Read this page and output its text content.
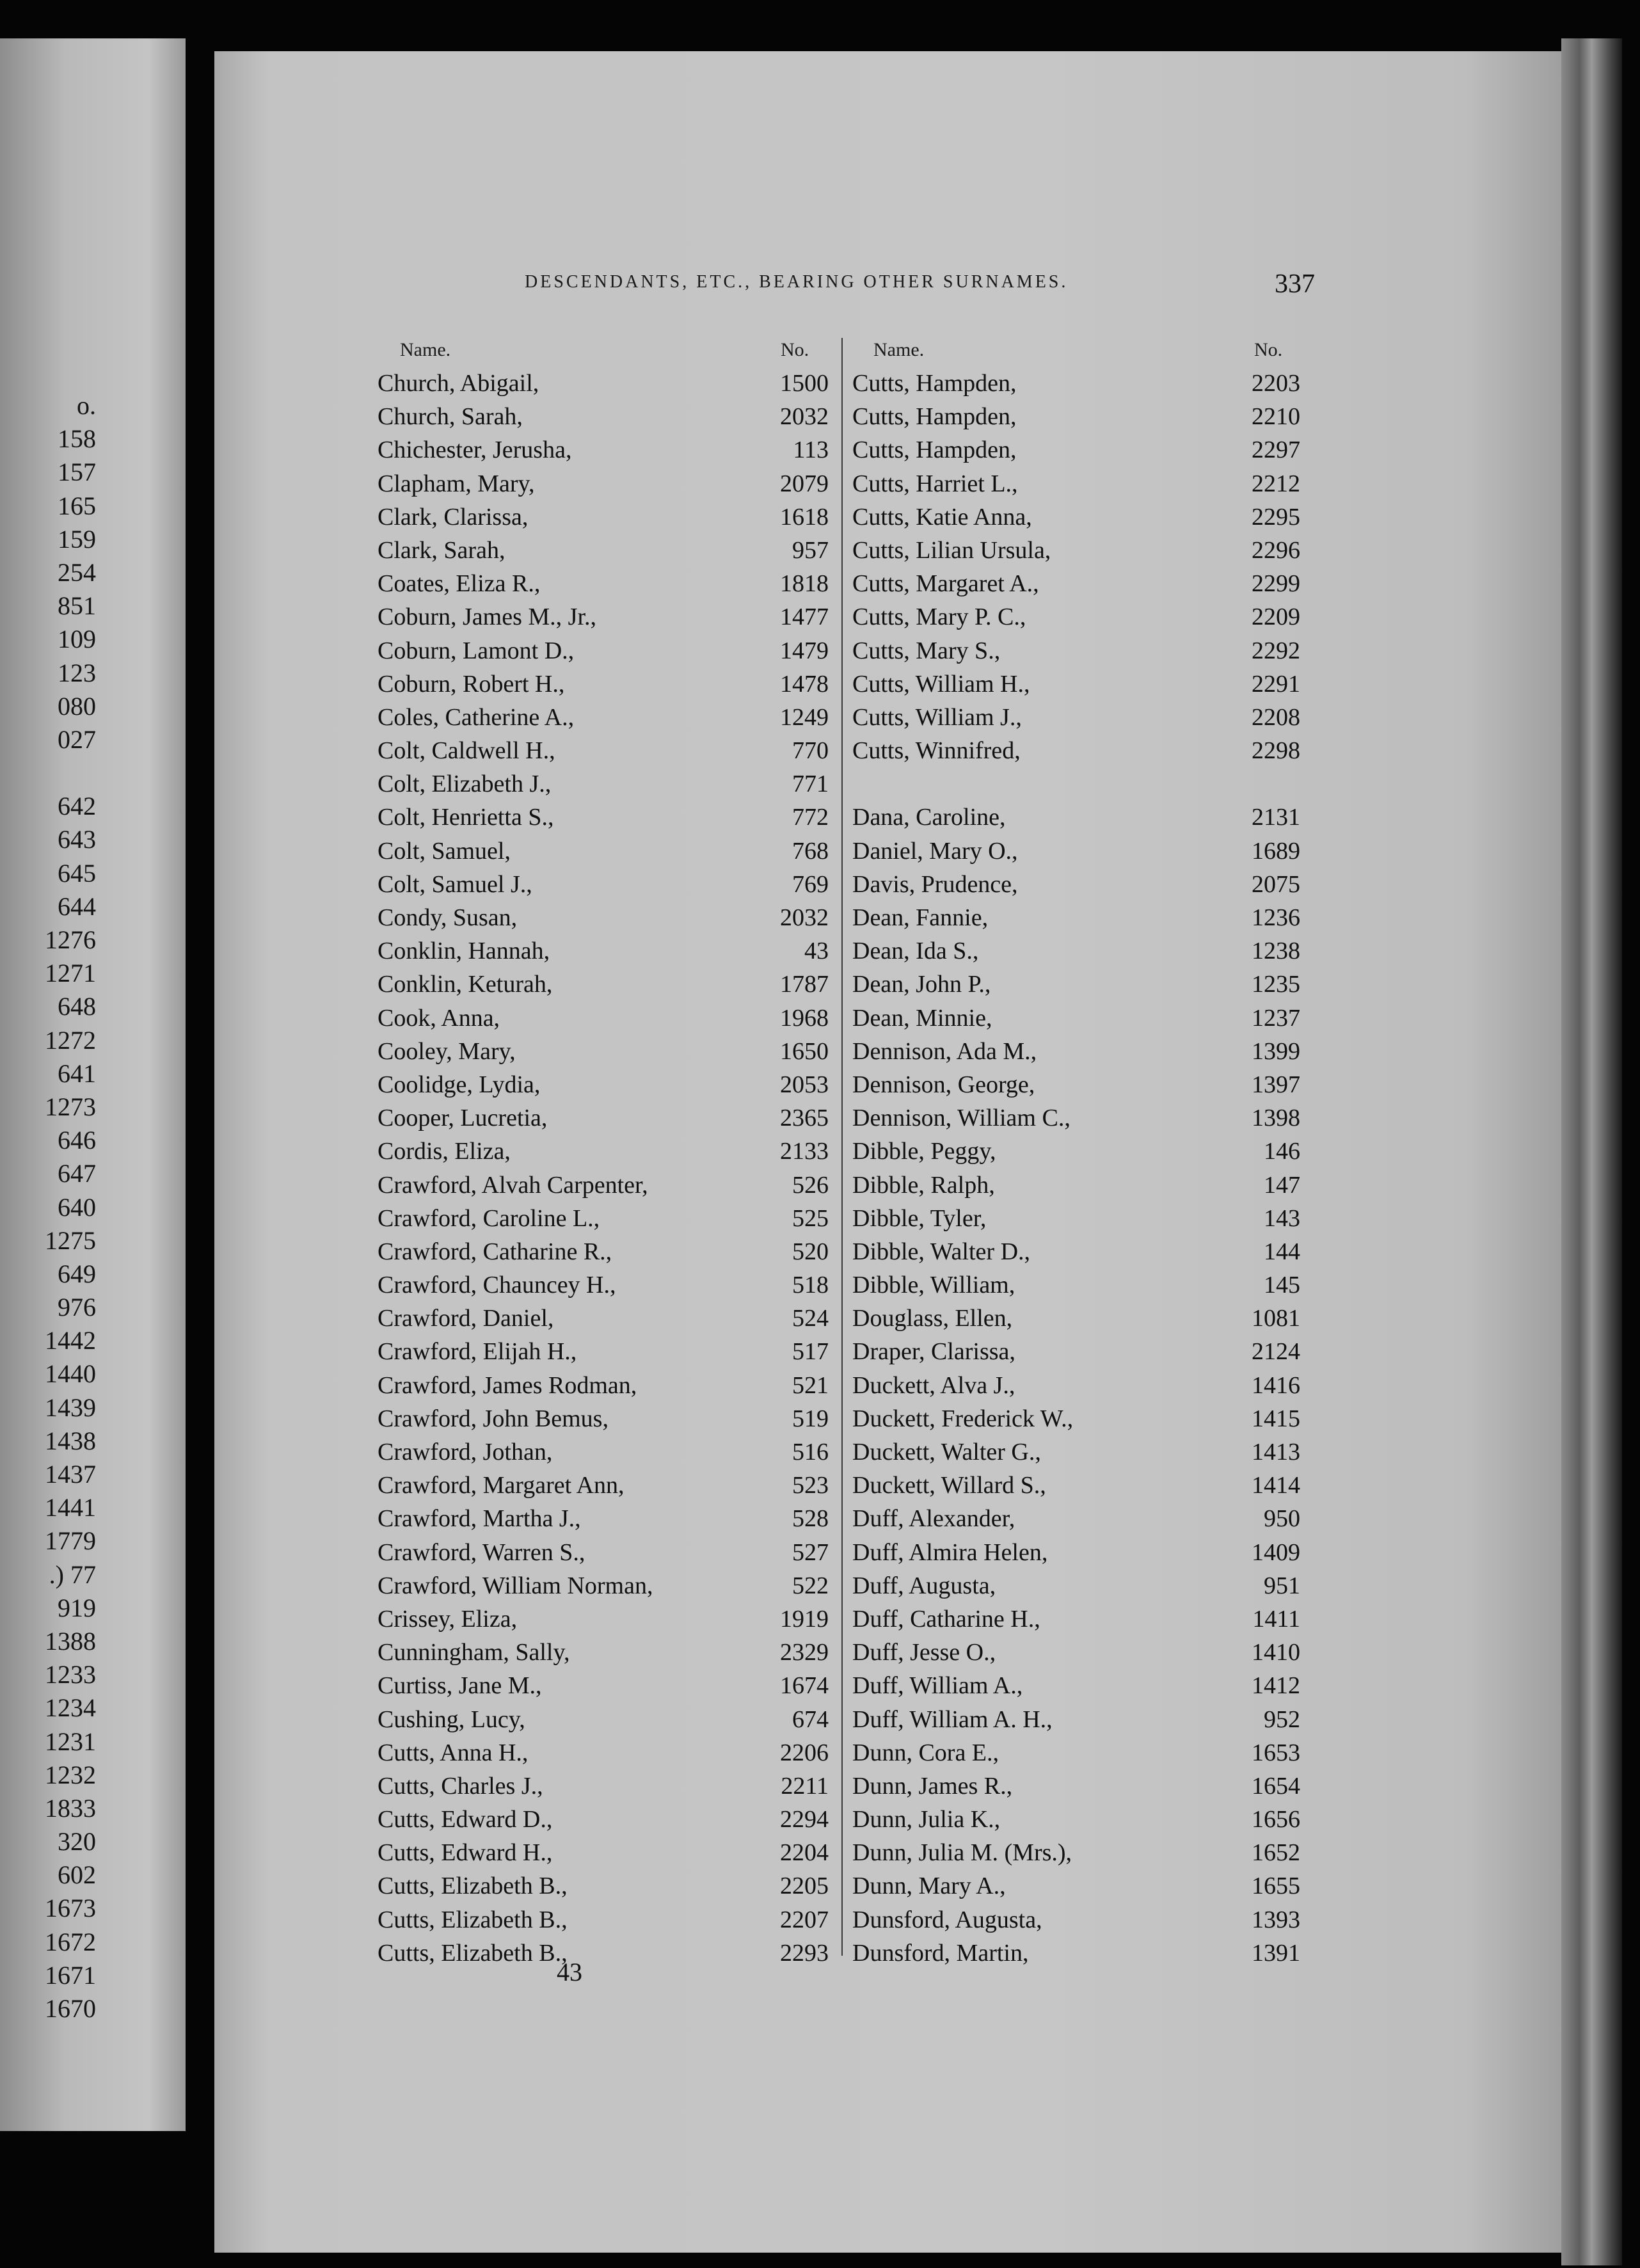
o.
158
157
165
159
254
851
109
123
080
027
642
643
645
644
1276
1271
648
1272
641
1273
646
647
640
1275
649
976
1442
1440
1439
1438
1437
1441
1779
.) 77
919
1388
1233
1234
1231
1232
1833
320
602
1673
1672
1671
1670
DESCENDANTS, ETC., BEARING OTHER SURNAMES.	337
Name.	No.	Name.	No.
Church, Abigail,	1500
Church, Sarah,	2032
Chichester, Jerusha,	113
Clapham, Mary,	2079
Clark, Clarissa,	1618
Clark, Sarah,	957
Coates, Eliza R.,	1818
Coburn, James M., Jr.,	1477
Coburn, Lamont D.,	1479
Coburn, Robert H.,	1478
Coles, Catherine A.,	1249
Colt, Caldwell H.,	770
Colt, Elizabeth J.,	771
Colt, Henrietta S.,	772
Colt, Samuel,	768
Colt, Samuel J.,	769
Condy, Susan,	2032
Conklin, Hannah,	43
Conklin, Keturah,	1787
Cook, Anna,	1968
Cooley, Mary,	1650
Coolidge, Lydia,	2053
Cooper, Lucretia,	2365
Cordis, Eliza,	2133
Crawford, Alvah Carpenter,	526
Crawford, Caroline L.,	525
Crawford, Catharine R.,	520
Crawford, Chauncey H.,	518
Crawford, Daniel,	524
Crawford, Elijah H.,	517
Crawford, James Rodman,	521
Crawford, John Bemus,	519
Crawford, Jothan,	516
Crawford, Margaret Ann,	523
Crawford, Martha J.,	528
Crawford, Warren S.,	527
Crawford, William Norman,	522
Crissey, Eliza,	1919
Cunningham, Sally,	2329
Curtiss, Jane M.,	1674
Cushing, Lucy,	674
Cutts, Anna H.,	2206
Cutts, Charles J.,	2211
Cutts, Edward D.,	2294
Cutts, Edward H.,	2204
Cutts, Elizabeth B.,	2205
Cutts, Elizabeth B.,	2207
Cutts, Elizabeth B.,	2293
Cutts, Hampden,	2203
Cutts, Hampden,	2210
Cutts, Hampden,	2297
Cutts, Harriet L.,	2212
Cutts, Katie Anna,	2295
Cutts, Lilian Ursula,	2296
Cutts, Margaret A.,	2299
Cutts, Mary P. C.,	2209
Cutts, Mary S.,	2292
Cutts, William H.,	2291
Cutts, William J.,	2208
Cutts, Winnifred,	2298
Dana, Caroline,	2131
Daniel, Mary O.,	1689
Davis, Prudence,	2075
Dean, Fannie,	1236
Dean, Ida S.,	1238
Dean, John P.,	1235
Dean, Minnie,	1237
Dennison, Ada M.,	1399
Dennison, George,	1397
Dennison, William C.,	1398
Dibble, Peggy,	146
Dibble, Ralph,	147
Dibble, Tyler,	143
Dibble, Walter D.,	144
Dibble, William,	145
Douglass, Ellen,	1081
Draper, Clarissa,	2124
Duckett, Alva J.,	1416
Duckett, Frederick W.,	1415
Duckett, Walter G.,	1413
Duckett, Willard S.,	1414
Duff, Alexander,	950
Duff, Almira Helen,	1409
Duff, Augusta,	951
Duff, Catharine H.,	1411
Duff, Jesse O.,	1410
Duff, William A.,	1412
Duff, William A. H.,	952
Dunn, Cora E.,	1653
Dunn, James R.,	1654
Dunn, Julia K.,	1656
Dunn, Julia M. (Mrs.),	1652
Dunn, Mary A.,	1655
Dunsford, Augusta,	1393
Dunsford, Martin,	1391
43
